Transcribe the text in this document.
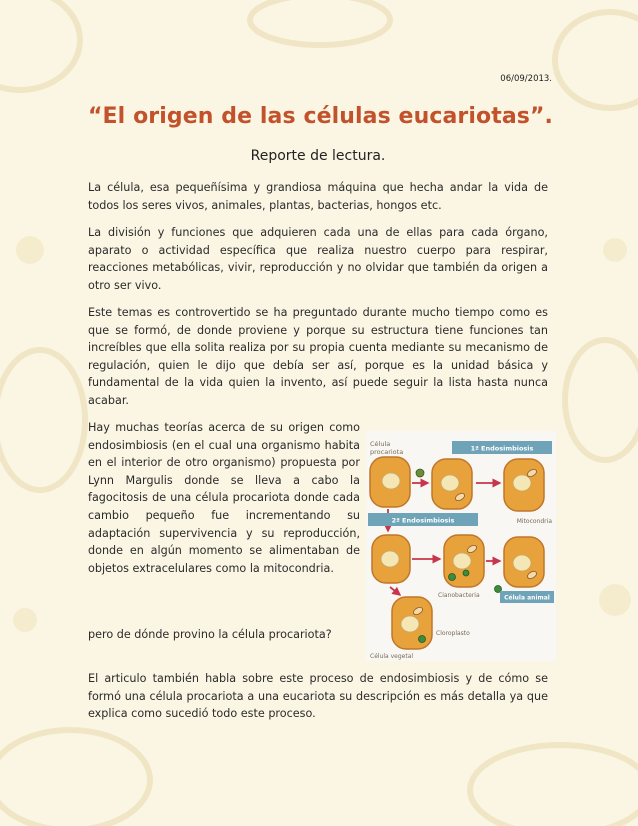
06/09/2013.
“El origen de las células eucariotas”.
Reporte de lectura.

La célula, esa pequeñísima y grandiosa máquina que hecha andar la vida de todos los seres vivos, animales, plantas, bacterias, hongos etc.

La división y funciones que adquieren cada una de ellas para cada órgano, aparato o actividad específica que realiza nuestro cuerpo para respirar, reacciones metabólicas, vivir, reproducción y no olvidar que también da origen a otro ser vivo.

Este temas es controvertido se ha preguntado durante mucho tiempo como es que se formó, de donde proviene y porque su estructura tiene funciones tan increíbles que ella solita realiza por su propia cuenta mediante su mecanismo de regulación, quien le dijo que debía ser así, porque es la unidad básica y fundamental de la vida quien la invento, así puede seguir la lista hasta nunca acabar.

Hay muchas teorías acerca de su origen como endosimbiosis (en el cual una organismo habita en el interior de otro organismo) propuesta por Lynn Margulis donde se lleva a cabo la fagocitosis de una célula procariota donde cada cambio pequeño fue incrementando su adaptación supervivencia y su reproducción, donde en algún momento se alimentaban de objetos extracelulares como la mitocondria.

pero de dónde provino la célula procariota?

El articulo también habla sobre este proceso de endosimbiosis y de cómo se formó una célula procariota a una eucariota su descripción es más detalla ya que explica como sucedió todo este proceso.

Célula
procariota	1ª Endosimbiosis
2ª Endosimbiosis	Mitocondria
Cianobacteria	Célula animal
Cloroplasto
Célula vegetal
